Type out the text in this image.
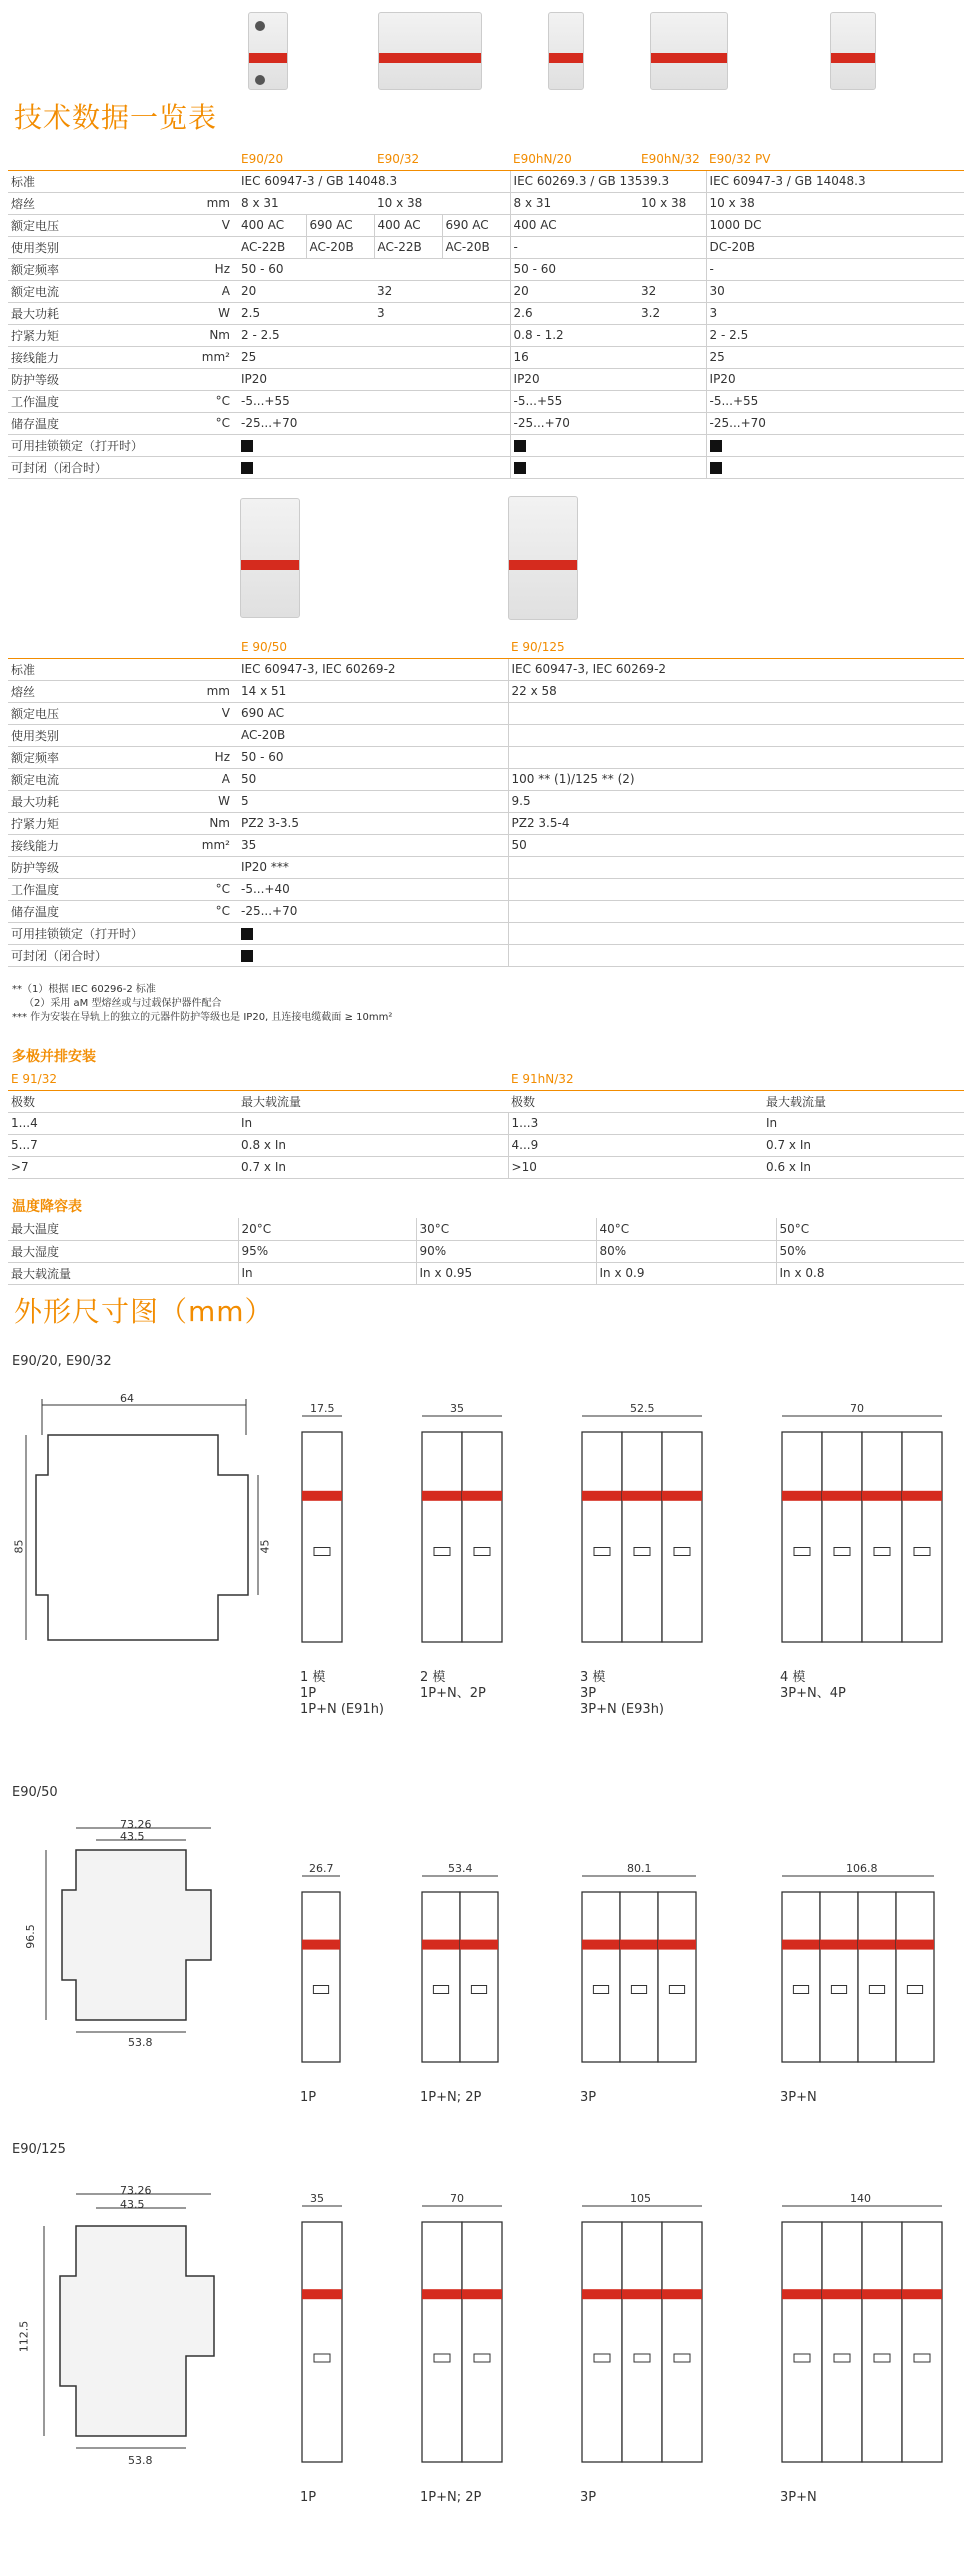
技术数据一览表
		E90/20		E90/32		E90hN/20	E90hN/32	E90/32 PV
标准		IEC 60947-3 / GB 14048.3				IEC 60269.3 / GB 13539.3		IEC 60947-3 / GB 14048.3
熔丝	mm	8 x 31		10 x 38		8 x 31	10 x 38	10 x 38
额定电压	V	400 AC	690 AC	400 AC	690 AC	400 AC		1000 DC
使用类别		AC-22B	AC-20B	AC-22B	AC-20B	-		DC-20B
额定频率	Hz	50 - 60				50 - 60		-
额定电流	A	20		32		20	32	30
最大功耗	W	2.5		3		2.6	3.2	3
拧紧力矩	Nm	2 - 2.5				0.8 - 1.2		2 - 2.5
接线能力	mm²	25				16		25
防护等级		IP20				IP20		IP20
工作温度	°C	-5...+55				-5...+55		-5...+55
储存温度	°C	-25...+70				-25...+70		-25...+70
可用挂锁锁定（打开时）								
可封闭（闭合时）								
		E 90/50	E 90/125
标准		IEC 60947-3, IEC 60269-2	IEC 60947-3, IEC 60269-2
熔丝	mm	14 x 51	22 x 58
额定电压	V	690 AC	
使用类别		AC-20B	
额定频率	Hz	50 - 60	
额定电流	A	50	100 ** (1)/125 ** (2)
最大功耗	W	5	9.5
拧紧力矩	Nm	PZ2 3-3.5	PZ2 3.5-4
接线能力	mm²	35	50
防护等级		IP20 ***	
工作温度	°C	-5...+40	
储存温度	°C	-25...+70	
可用挂锁锁定（打开时）			
可封闭（闭合时）			
**（1）根据 IEC 60296-2 标准
（2）采用 aM 型熔丝或与过载保护器件配合
*** 作为安装在导轨上的独立的元器件防护等级也是 IP20, 且连接电缆截面 ≥ 10mm²
多极并排安装
E 91/32		E 91hN/32	
极数	最大载流量	极数	最大载流量
1...4	In	1...3	In
5...7	0.8 x In	4...9	0.7 x In
>7	0.7 x In	>10	0.6 x In
温度降容表
最大温度	20°C	30°C	40°C	50°C
最大湿度	95%	90%	80%	50%
最大载流量	In	In x 0.95	In x 0.9	In x 0.8
外形尺寸图（mm）
E90/20, E90/32
64
85	45
17.5
1 模
1P
1P+N (E91h)
35
2 模
1P+N、2P
52.5
3 模
3P
3P+N (E93h)
70
4 模
3P+N、4P
E90/50
73.26
43.5
96.5
53.8
26.7
1P
53.4
1P+N; 2P
80.1
3P
106.8
3P+N
E90/125
73.26
43.5
112.5
53.8
35
1P
70
1P+N; 2P
105
3P
140
3P+N
